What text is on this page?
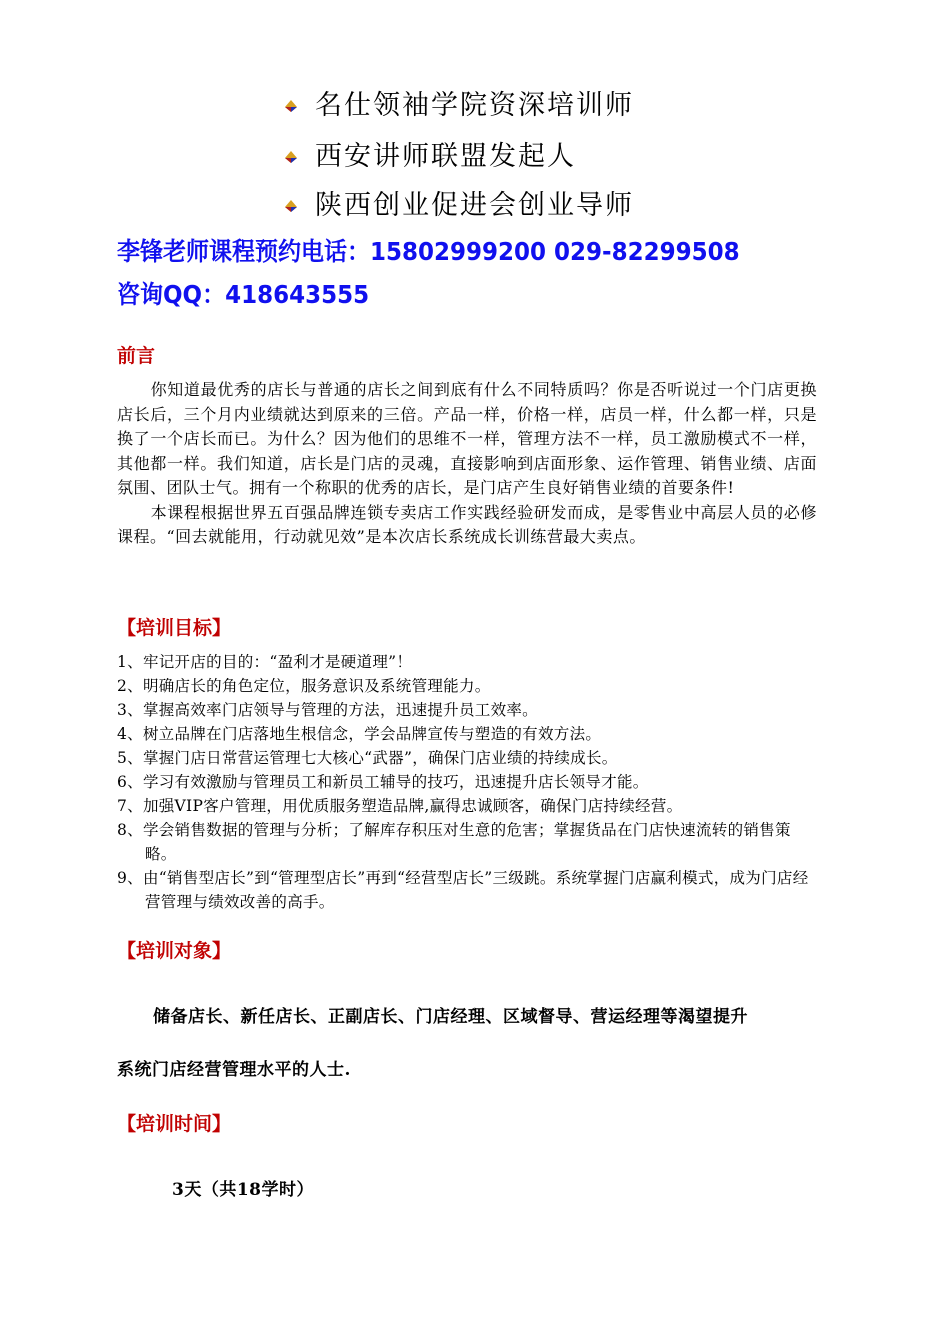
名仕领袖学院资深培训师
西安讲师联盟发起人
陕西创业促进会创业导师
李锋老师课程预约电话：15802999200 029-82299508
咨询QQ：418643555
前言

你知道最优秀的店长与普通的店长之间到底有什么不同特质吗？你是否听说过一个门店更换店长后，三个月内业绩就达到原来的三倍。产品一样，价格一样，店员一样，什么都一样，只是换了一个店长而已。为什么？因为他们的思维不一样，管理方法不一样，员工激励模式不一样，其他都一样。我们知道，店长是门店的灵魂，直接影响到店面形象、运作管理、销售业绩、店面氛围、团队士气。拥有一个称职的优秀的店长，是门店产生良好销售业绩的首要条件!

本课程根据世界五百强品牌连锁专卖店工作实践经验研发而成，是零售业中高层人员的必修课程。“回去就能用，行动就见效”是本次店长系统成长训练营最大卖点。

【培训目标】
1、牢记开店的目的：“盈利才是硬道理”！
2、明确店长的角色定位，服务意识及系统管理能力。
3、掌握高效率门店领导与管理的方法，迅速提升员工效率。
4、树立品牌在门店落地生根信念，学会品牌宣传与塑造的有效方法。
5、掌握门店日常营运管理七大核心“武器”，确保门店业绩的持续成长。
6、学习有效激励与管理员工和新员工辅导的技巧，迅速提升店长领导才能。
7、加强VIP客户管理，用优质服务塑造品牌,赢得忠诚顾客，确保门店持续经营。
8、学会销售数据的管理与分析；了解库存积压对生意的危害；掌握货品在门店快速流转的销售策略。
9、由“销售型店长”到“管理型店长”再到“经营型店长”三级跳。系统掌握门店赢利模式，成为门店经营管理与绩效改善的高手。
【培训对象】
储备店长、新任店长、正副店长、门店经理、区域督导、营运经理等渴望提升
系统门店经营管理水平的人士.
【培训时间】
3天（共18学时）
